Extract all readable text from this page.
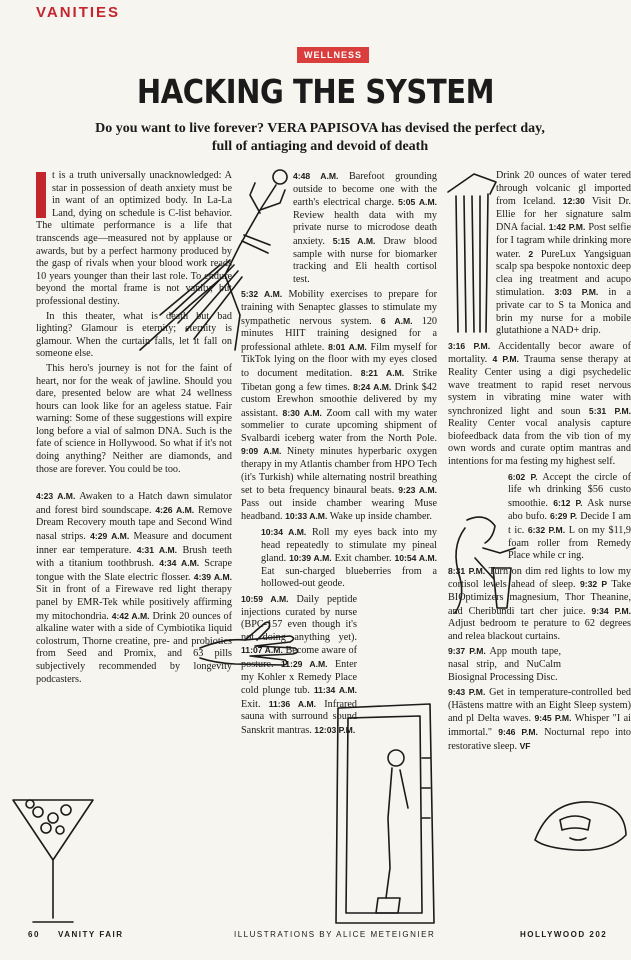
VANITIES
WELLNESS
HACKING THE SYSTEM
Do you want to live forever? VERA PAPISOVA has devised the perfect day, full of antiaging and devoid of death

t is a truth universally unacknowledged: A star in possession of death anxiety must be in want of an optimized body. In La-La Land, dying on schedule is C-list behavior. The ultimate performance is a life that transcends age—measured not by applause or awards, but by a perfect harmony produced by the gasp of rivals when your blood work reads 10 years younger than their last role. To endure beyond the mortal frame is not vanity, but professional destiny.

In this theater, what is death but bad lighting? Glamour is eternity; eternity is glamour. When the curtain falls, let it fall on someone else.

This hero's journey is not for the faint of heart, nor for the weak of jawline. Should you dare, presented below are what 24 wellness hours can look like for an ageless statue. Fair warning: Some of these suggestions will expire long before a vial of salmon DNA. Such is the fate of science in Hollywood. So what if it's not doing anything? Neither are diamonds, and those are forever. You could be too.

4:23 A.M. Awaken to a Hatch dawn simulator and forest bird soundscape. 4:26 A.M. Remove Dream Recovery mouth tape and Second Wind nasal strips. 4:29 A.M. Measure and document inner ear temperature. 4:31 A.M. Brush teeth with a titanium toothbrush. 4:34 A.M. Scrape tongue with the Slate electric flosser. 4:39 A.M. Sit in front of a Firewave red light therapy panel by EMR-Tek while positively affirming my mitochondria. 4:42 A.M. Drink 20 ounces of alkaline water with a side of Cymbiotika liquid colostrum, Thorne creatine, pre- and probiotics from Seed and Promix, and 63 pills subjectively recommended by longevity podcasters.

4:48 A.M. Barefoot grounding outside to become one with the earth's electrical charge. 5:05 A.M. Review health data with my private nurse to microdose death anxiety. 5:15 A.M. Draw blood sample with nurse for biomarker tracking and Eli health cortisol test.

5:32 A.M. Mobility exercises to prepare for training with Senaptec glasses to stimulate my sympathetic nervous system. 6 A.M. 120 minutes HIIT training designed for a professional athlete. 8:01 A.M. Film myself for TikTok lying on the floor with my eyes closed to document meditation. 8:21 A.M. Strike Tibetan gong a few times. 8:24 A.M. Drink $42 custom Erewhon smoothie delivered by my assistant. 8:30 A.M. Zoom call with my water sommelier to curate upcoming shipment of Svalbardi iceberg water from the North Pole. 9:09 A.M. Ninety minutes hyperbaric oxygen therapy in my Atlantis chamber from HPO Tech (it's Turkish) while alternating nostril breathing set to beta frequency binaural beats. 9:23 A.M. Pass out inside chamber wearing Muse headband. 10:33 A.M. Wake up inside chamber.

10:34 A.M. Roll my eyes back into my head repeatedly to stimulate my pineal gland. 10:39 A.M. Exit chamber. 10:54 A.M. Eat sun-charged blueberries from a hollowed-out geode.

10:59 A.M. Daily peptide injections curated by nurse (BPC-157 even though it's not doing anything yet). 11:07 A.M. Become aware of posture. 11:29 A.M. Enter my Kohler x Remedy Place cold plunge tub. 11:34 A.M. Exit. 11:36 A.M. Infrared sauna with surround sound Sanskrit mantras. 12:03 P.M.

Drink 20 ounces of water tered through volcanic gl imported from Iceland. 12:30 Visit Dr. Ellie for her signature salm DNA facial. 1:42 P.M. Post selfie for I tagram while drinking more water. 2 PureLux Yangsiguan scalp spa bespoke nontoxic deep clea ing treatment and acupo stimulation. 3:03 P.M. in a private car to S ta Monica and brin my nurse for a mobile glutathione a NAD+ drip.

3:16 P.M. Accidentally becor aware of mortality. 4 P.M. Trauma sense therapy at Reality Center using a digi psychedelic wave treatment to rapid reset nervous system in vibrating mine water with synchronized light and soun 5:31 P.M. Reality Center vocal analysis capture biofeedback data from the vib tion of my own words and curate optim mantras and intentions for ma festing my highest self.

6:02 P. Accept the circle of life wh drinking $56 custo smoothie. 6:12 P. Ask nurse abo bufo. 6:29 P. Decide I am t ic. 6:32 P.M. L on my $11,9 foam roller from Remedy Place while cr ing.

8:31 P.M. Turn on dim red lights to low my cortisol levels ahead of sleep. 9:32 P Take BIOptimizers magnesium, Thor Theanine, and Cheribundi tart cher juice. 9:34 P.M. Adjust bedroom te perature to 62 degrees and relea blackout curtains.

9:37 P.M. App mouth tape, nasal strip, and NuCalm Biosignal Processing Disc.

9:43 P.M. Get in temperature-controlled bed (Hästens mattre with an Eight Sleep system) and pl Delta waves. 9:45 P.M. Whisper "I ai immortal." 9:46 P.M. Nocturnal repo into restorative sleep. VF

60 VANITY FAIR	ILLUSTRATIONS BY ALICE METEIGNIER	HOLLYWOOD 202
